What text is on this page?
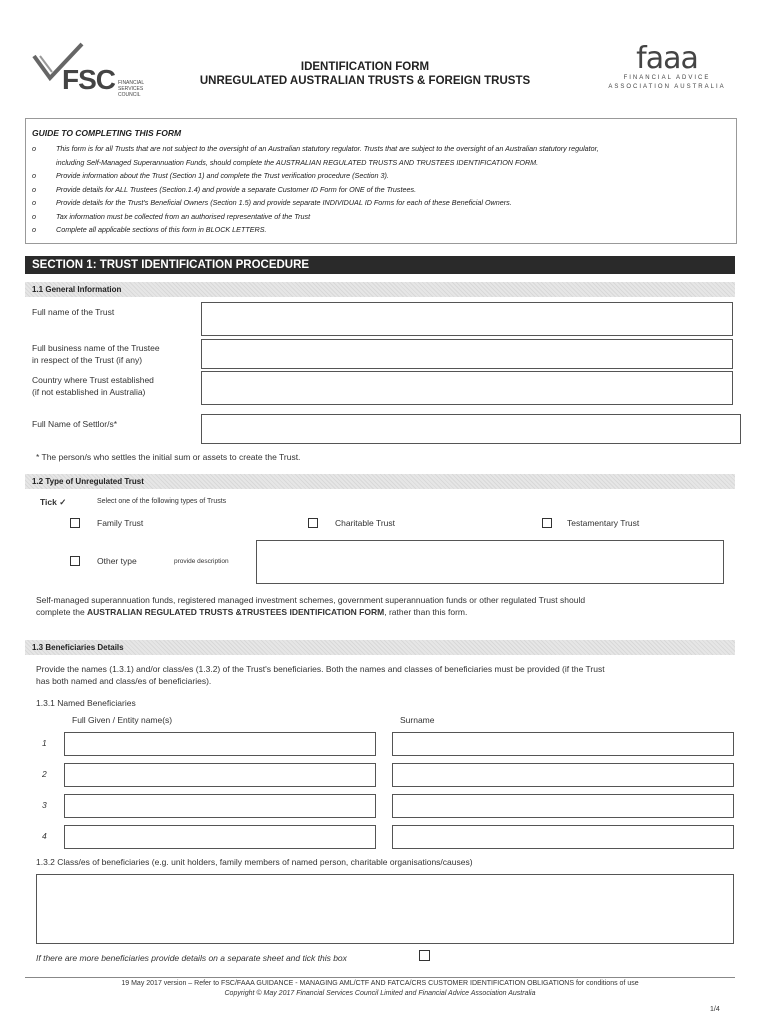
FSC FINANCIAL
SERVICES
COUNCIL
IDENTIFICATION FORM
UNREGULATED AUSTRALIAN TRUSTS & FOREIGN TRUSTS
faaa
FINANCIAL ADVICE
ASSOCIATION AUSTRALIA
GUIDE TO COMPLETING THIS FORM
o	This form is for all Trusts that are not subject to the oversight of an Australian statutory regulator. Trusts that are subject to the oversight of an Australian statutory regulator,
including Self-Managed Superannuation Funds, should complete the AUSTRALIAN REGULATED TRUSTS AND TRUSTEES IDENTIFICATION FORM.
o	Provide information about the Trust (Section 1) and complete the Trust verification procedure (Section 3).
o	Provide details for ALL Trustees (Section.1.4) and provide a separate Customer ID Form for ONE of the Trustees.
o	Provide details for the Trust's Beneficial Owners (Section 1.5) and provide separate INDIVIDUAL ID Forms for each of these Beneficial Owners.
o	Tax information must be collected from an authorised representative of the Trust
o	Complete all applicable sections of this form in BLOCK LETTERS.
SECTION 1: TRUST IDENTIFICATION PROCEDURE
1.1 General Information
Full name of the Trust
Full business name of the Trustee
in respect of the Trust (if any)
Country where Trust established
(if not established in Australia)
Full Name of Settlor/s*
* The person/s who settles the initial sum or assets to create the Trust.
1.2 Type of Unregulated Trust
Tick ✓	Select one of the following types of Trusts
Family Trust	Charitable Trust	Testamentary Trust
Other type	provide description
Self-managed superannuation funds, registered managed investment schemes, government superannuation funds or other regulated Trust should
complete the AUSTRALIAN REGULATED TRUSTS &TRUSTEES IDENTIFICATION FORM, rather than this form.
1.3 Beneficiaries Details
Provide the names (1.3.1) and/or class/es (1.3.2) of the Trust's beneficiaries. Both the names and classes of beneficiaries must be provided (if the Trust
has both named and class/es of beneficiaries).
1.3.1 Named Beneficiaries
Full Given / Entity name(s)	Surname
1
2
3
4
1.3.2 Class/es of beneficiaries (e.g. unit holders, family members of named person, charitable organisations/causes)
If there are more beneficiaries provide details on a separate sheet and tick this box
19 May 2017 version – Refer to FSC/FAAA GUIDANCE - MANAGING AML/CTF AND FATCA/CRS CUSTOMER IDENTIFICATION OBLIGATIONS for conditions of use
Copyright © May 2017 Financial Services Council Limited and Financial Advice Association Australia
1/4
